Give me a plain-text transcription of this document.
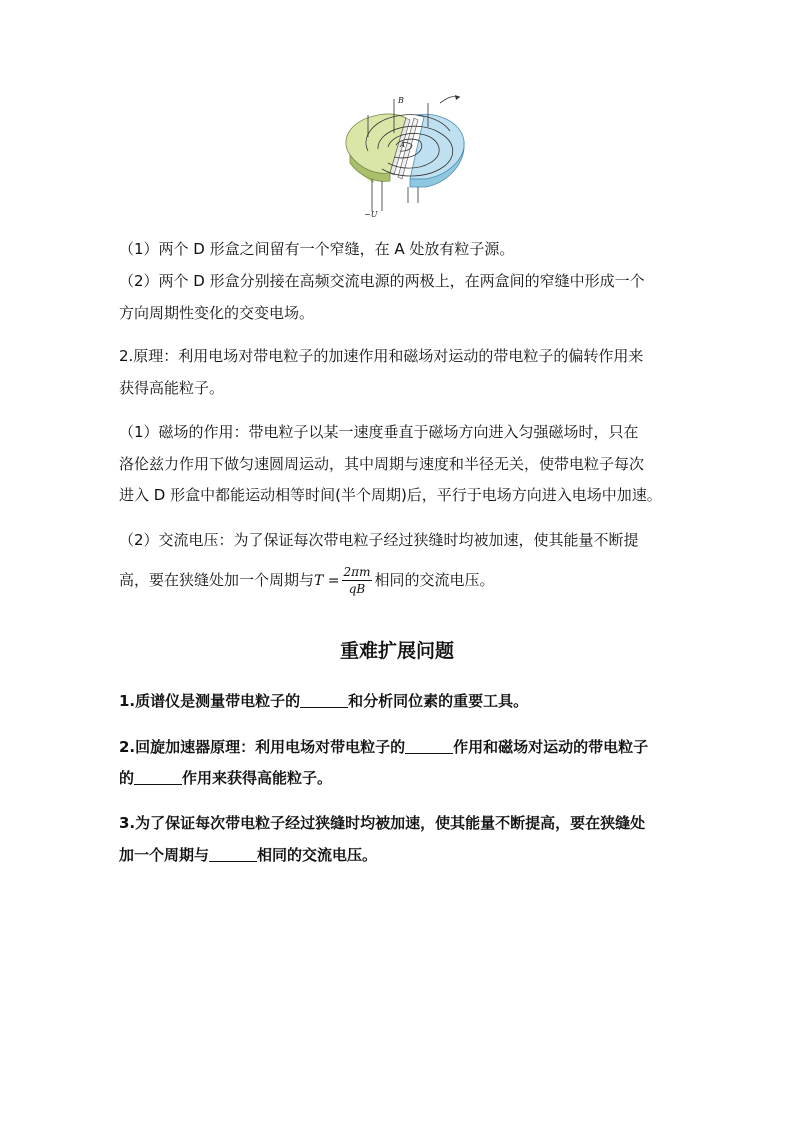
B
A
~U
（1）两个 D 形盒之间留有一个窄缝，在 A 处放有粒子源。
（2）两个 D 形盒分别接在高频交流电源的两极上，在两盒间的窄缝中形成一个
方向周期性变化的交变电场。
2.原理：利用电场对带电粒子的加速作用和磁场对运动的带电粒子的偏转作用来
获得高能粒子。
（1）磁场的作用：带电粒子以某一速度垂直于磁场方向进入匀强磁场时，只在
洛伦兹力作用下做匀速圆周运动，其中周期与速度和半径无关，使带电粒子每次
进入 D 形盒中都能运动相等时间(半个周期)后，平行于电场方向进入电场中加速。
（2）交流电压：为了保证每次带电粒子经过狭缝时均被加速，使其能量不断提
高，要在狭缝处加一个周期与$T = \frac{2\pi m}{qB}$ 相同的交流电压。
重难扩展问题
1.质谱仪是测量带电粒子的	和分析同位素的重要工具。
2.回旋加速器原理：利用电场对带电粒子的	作用和磁场对运动的带电粒子
的	作用来获得高能粒子。
3.为了保证每次带电粒子经过狭缝时均被加速，使其能量不断提高，要在狭缝处
加一个周期与	相同的交流电压。
